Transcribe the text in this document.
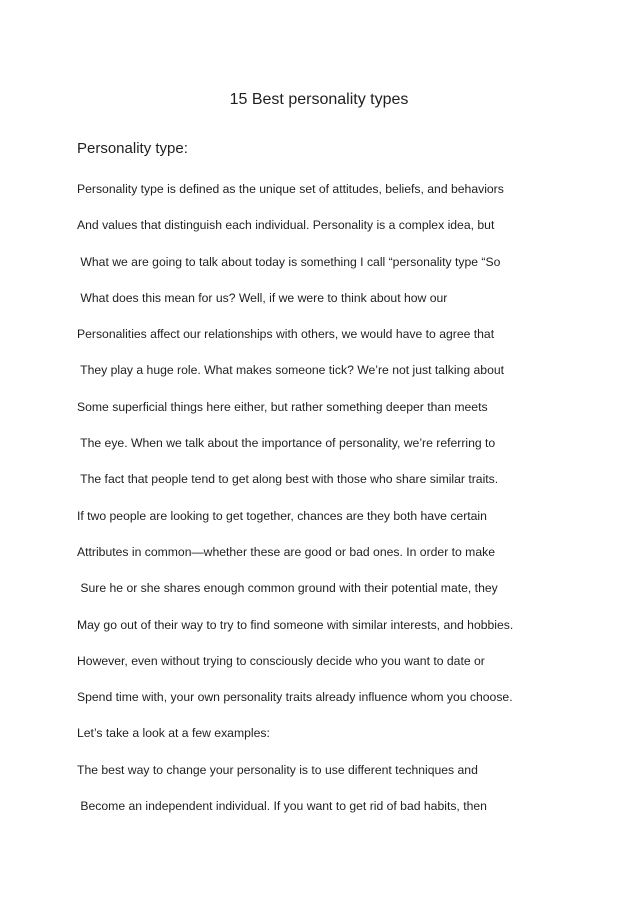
15 Best personality types
Personality type:
Personality type is defined as the unique set of attitudes, beliefs, and behaviors
And values that distinguish each individual. Personality is a complex idea, but
What we are going to talk about today is something I call “personality type “So
What does this mean for us? Well, if we were to think about how our
Personalities affect our relationships with others, we would have to agree that
They play a huge role. What makes someone tick? We’re not just talking about
Some superficial things here either, but rather something deeper than meets
The eye. When we talk about the importance of personality, we’re referring to
The fact that people tend to get along best with those who share similar traits.
If two people are looking to get together, chances are they both have certain
Attributes in common—whether these are good or bad ones. In order to make
Sure he or she shares enough common ground with their potential mate, they
May go out of their way to try to find someone with similar interests, and hobbies.
However, even without trying to consciously decide who you want to date or
Spend time with, your own personality traits already influence whom you choose.
Let’s take a look at a few examples:
The best way to change your personality is to use different techniques and
Become an independent individual. If you want to get rid of bad habits, then
